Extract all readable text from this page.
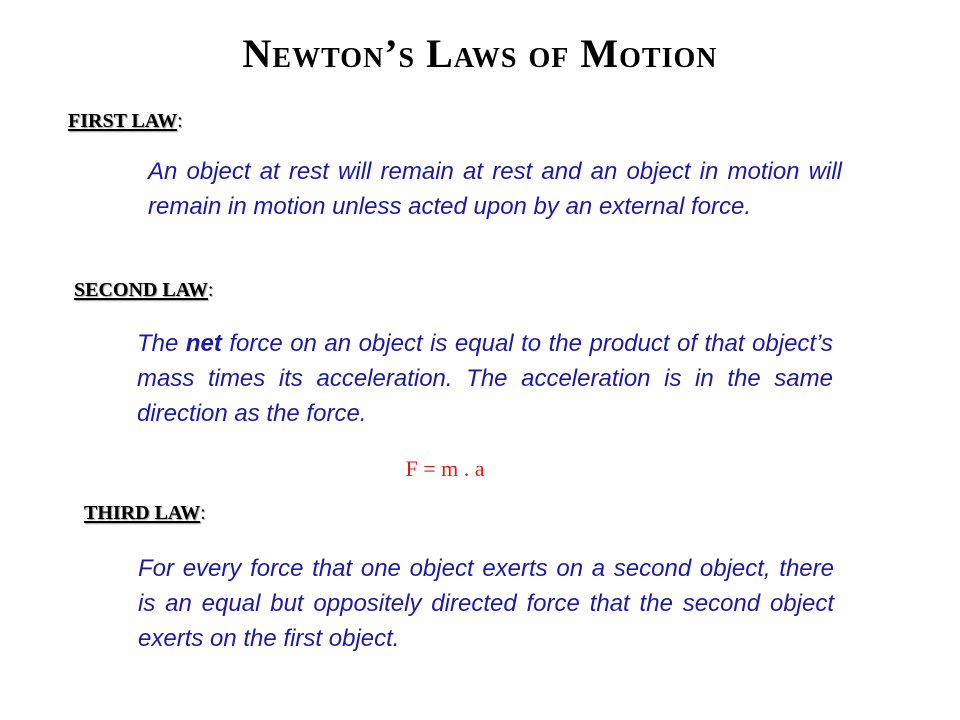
Newton’s Laws of Motion
FIRST LAW:
An object at rest will remain at rest and an object in motion will remain in motion unless acted upon by an external force.
SECOND LAW:
The net force on an object is equal to the product of that object’s mass times its acceleration. The acceleration is in the same direction as the force.
F = m . a
THIRD LAW:
For every force that one object exerts on a second object, there is an equal but oppositely directed force that the second object exerts on the first object.
